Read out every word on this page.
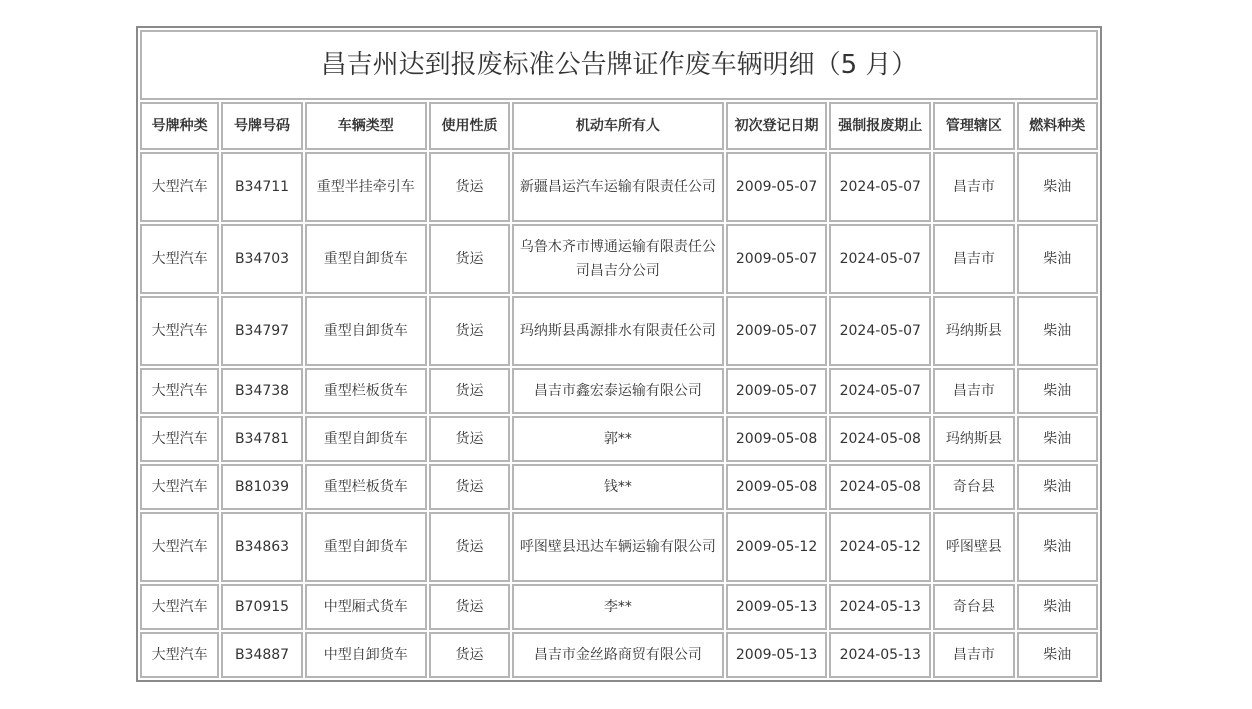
昌吉州达到报废标准公告牌证作废车辆明细（5 月）								
号牌种类	号牌号码	车辆类型	使用性质	机动车所有人	初次登记日期	强制报废期止	管理辖区	燃料种类
大型汽车	B34711	重型半挂牵引车	货运	新疆昌运汽车运输有限责任公司	2009-05-07	2024-05-07	昌吉市	柴油
大型汽车	B34703	重型自卸货车	货运	乌鲁木齐市博通运输有限责任公司昌吉分公司	2009-05-07	2024-05-07	昌吉市	柴油
大型汽车	B34797	重型自卸货车	货运	玛纳斯县禹源排水有限责任公司	2009-05-07	2024-05-07	玛纳斯县	柴油
大型汽车	B34738	重型栏板货车	货运	昌吉市鑫宏泰运输有限公司	2009-05-07	2024-05-07	昌吉市	柴油
大型汽车	B34781	重型自卸货车	货运	郭**	2009-05-08	2024-05-08	玛纳斯县	柴油
大型汽车	B81039	重型栏板货车	货运	钱**	2009-05-08	2024-05-08	奇台县	柴油
大型汽车	B34863	重型自卸货车	货运	呼图壁县迅达车辆运输有限公司	2009-05-12	2024-05-12	呼图壁县	柴油
大型汽车	B70915	中型厢式货车	货运	李**	2009-05-13	2024-05-13	奇台县	柴油
大型汽车	B34887	中型自卸货车	货运	昌吉市金丝路商贸有限公司	2009-05-13	2024-05-13	昌吉市	柴油
